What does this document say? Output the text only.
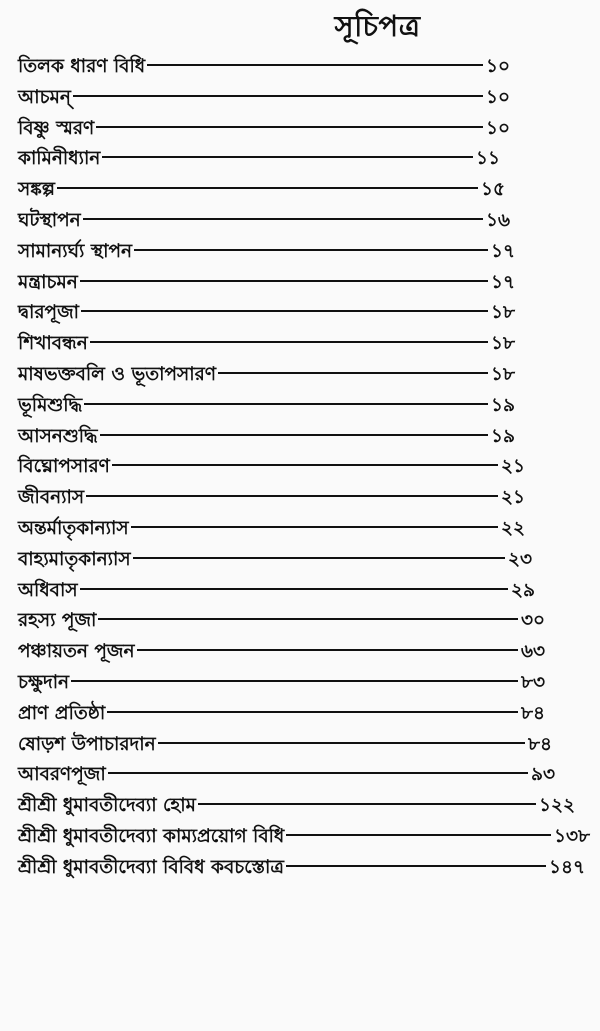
সূচিপত্র
তিলক ধারণ বিধি	১০
আচমন্	১০
বিষ্ণু স্মরণ	১০
কামিনীধ্যান	১১
সঙ্কল্প	১৫
ঘটস্থাপন	১৬
সামান্যর্ঘ্য স্থাপন	১৭
মন্ত্রাচমন	১৭
দ্বারপূজা	১৮
শিখাবন্ধন	১৮
মাষভক্তবলি ও ভূতাপসারণ	১৮
ভূমিশুদ্ধি	১৯
আসনশুদ্ধি	১৯
বিঘ্নোপসারণ	২১
জীবন্যাস	২১
অন্তর্মাতৃকান্যাস	২২
বাহ্যমাতৃকান্যাস	২৩
অধিবাস	২৯
রহস্য পূজা	৩০
পঞ্চায়তন পূজন	৬৩
চক্ষুদান	৮৩
প্রাণ প্রতিষ্ঠা	৮৪
ষোড়শ উপাচারদান	৮৪
আবরণপূজা	৯৩
শ্রীশ্রী ধুমাবতীদেব্যা হোম	১২২
শ্রীশ্রী ধুমাবতীদেব্যা কাম্যপ্রয়োগ বিধি	১৩৮
শ্রীশ্রী ধুমাবতীদেব্যা বিবিধ কবচস্তোত্র	১৪৭
